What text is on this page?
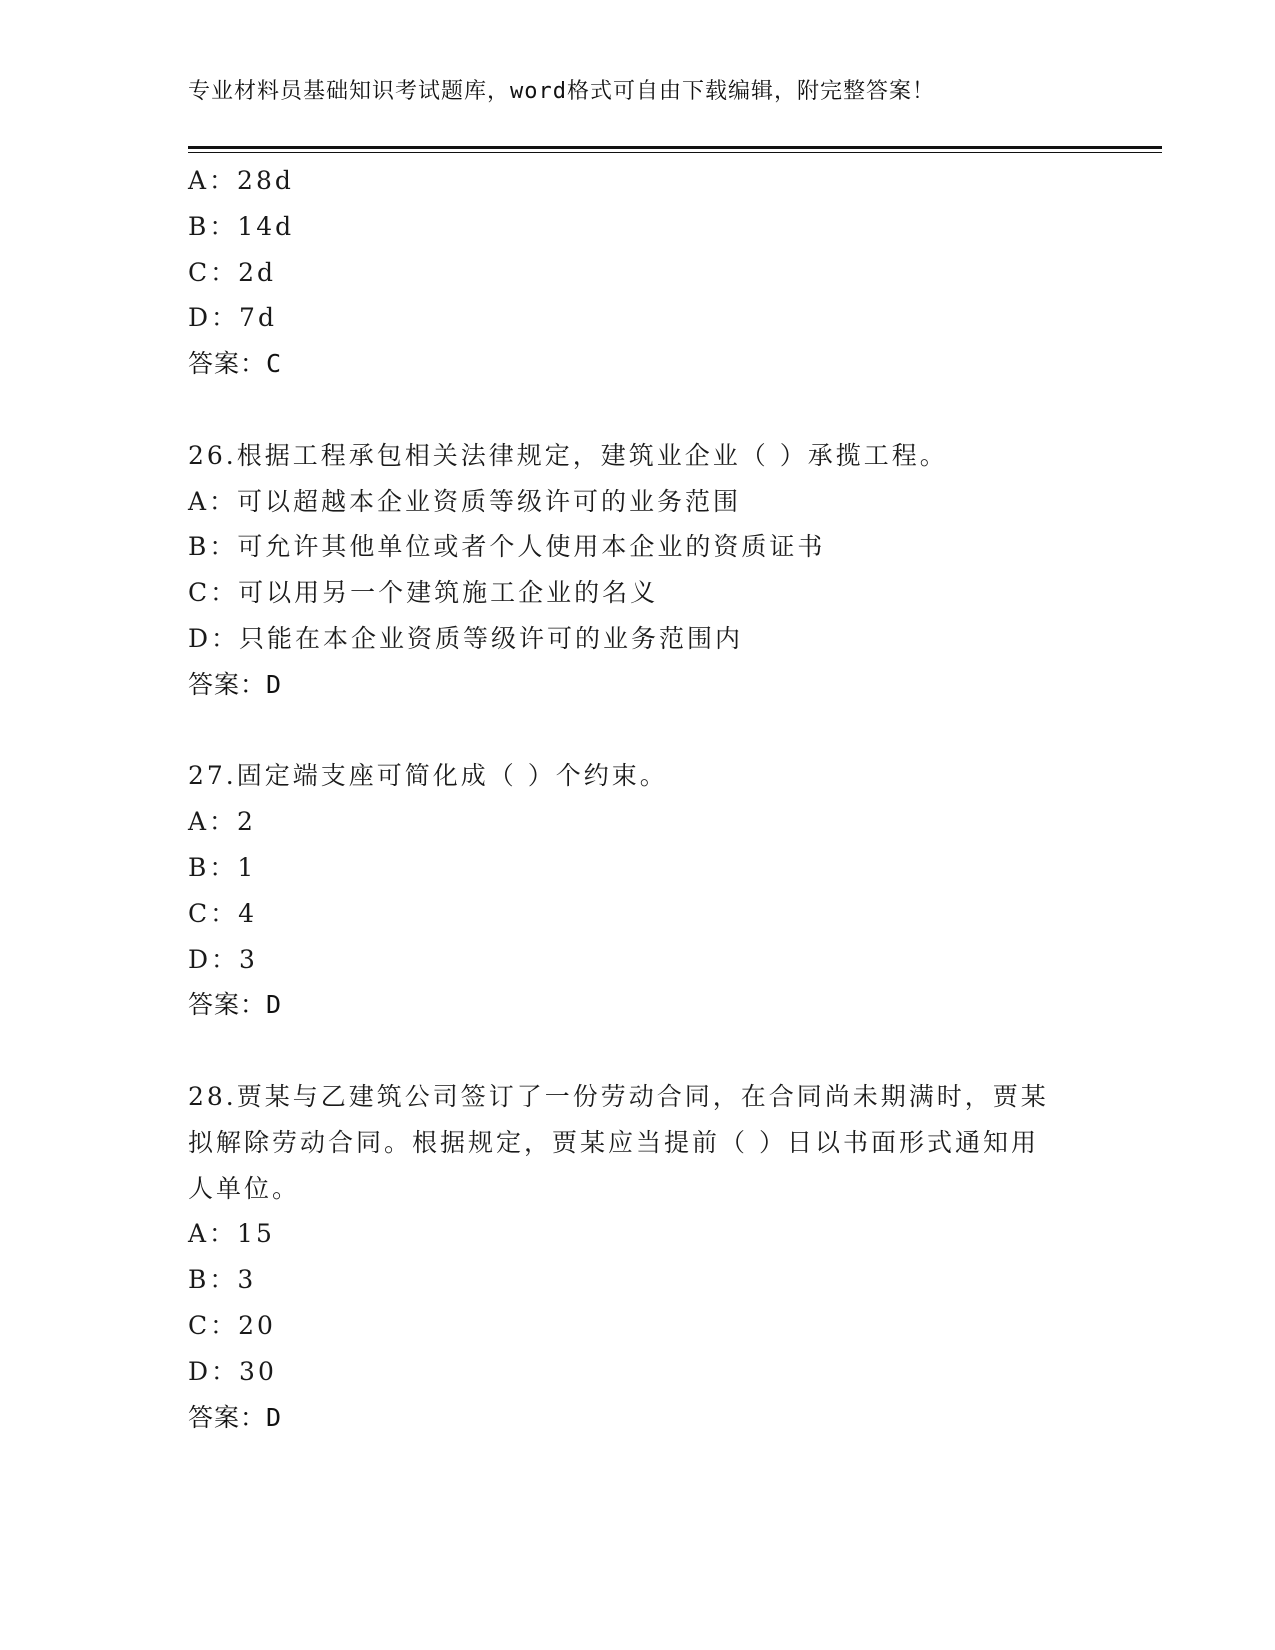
专业材料员基础知识考试题库，word格式可自由下载编辑，附完整答案！
A：28d
B：14d
C：2d
D：7d
答案：C
26.根据工程承包相关法律规定，建筑业企业（ ）承揽工程。
A：可以超越本企业资质等级许可的业务范围
B：可允许其他单位或者个人使用本企业的资质证书
C：可以用另一个建筑施工企业的名义
D：只能在本企业资质等级许可的业务范围内
答案：D
27.固定端支座可简化成（ ）个约束。
A：2
B：1
C：4
D：3
答案：D
28.贾某与乙建筑公司签订了一份劳动合同，在合同尚未期满时，贾某
拟解除劳动合同。根据规定，贾某应当提前（ ）日以书面形式通知用
人单位。
A：15
B：3
C：20
D：30
答案：D
